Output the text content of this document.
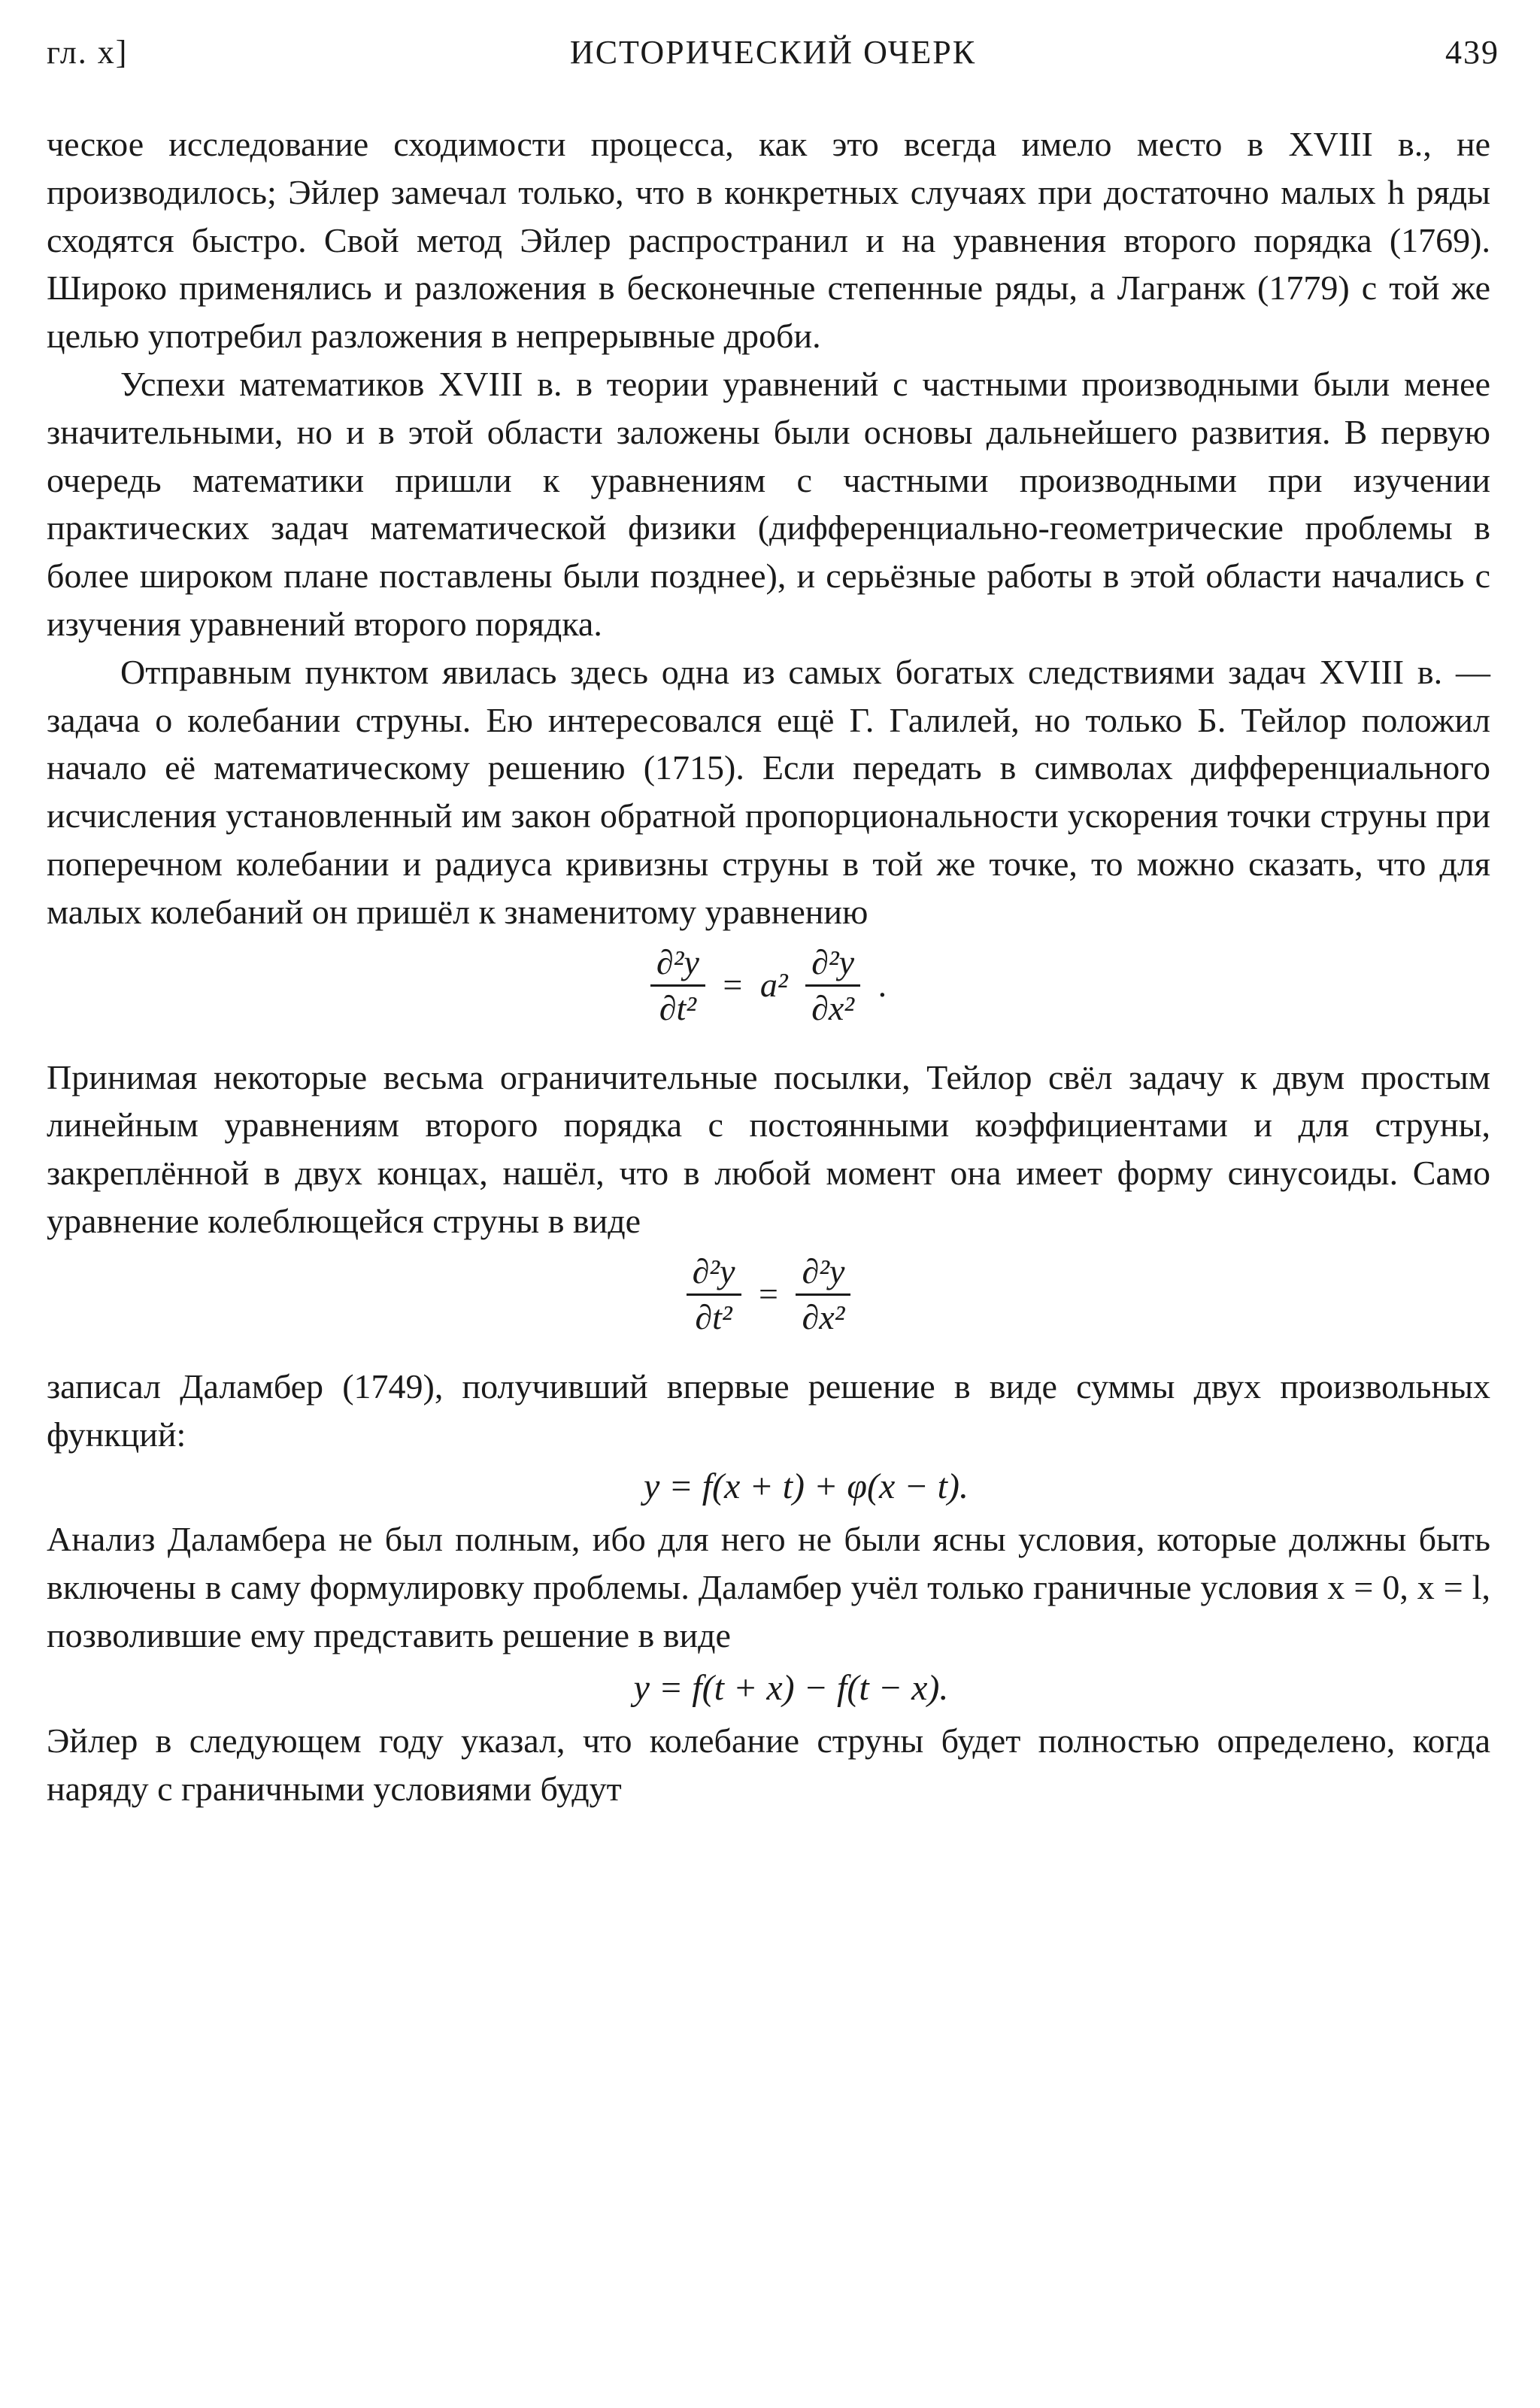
гл. x]	ИСТОРИЧЕСКИЙ ОЧЕРК	439

ческое исследование сходимости процесса, как это всегда имело место в XVIII в., не производилось; Эйлер замечал только, что в конкретных случаях при достаточно малых h ряды сходятся быстро. Свой метод Эйлер распространил и на уравнения второго порядка (1769). Широко применялись и разложения в бесконечные степенные ряды, а Лагранж (1779) с той же целью употребил разложения в непрерывные дроби.

Успехи математиков XVIII в. в теории уравнений с частными производными были менее значительными, но и в этой области заложены были основы дальнейшего развития. В первую очередь математики пришли к уравнениям с частными производными при изучении практических задач математической физики (дифференциально-геометрические проблемы в более широком плане поставлены были позднее), и серьёзные работы в этой области начались с изучения уравнений второго порядка.

Отправным пунктом явилась здесь одна из самых богатых следствиями задач XVIII в. — задача о колебании струны. Ею интересовался ещё Г. Галилей, но только Б. Тейлор положил начало её математическому решению (1715). Если передать в символах дифференциального исчисления установленный им закон обратной пропорциональности ускорения точки струны при поперечном колебании и радиуса кривизны струны в той же точке, то можно сказать, что для малых колебаний он пришёл к знаменитому уравнению

$\frac{\text{∂²y}}{\text{∂t²}} = a^2 \frac{\text{∂²y}}{\text{∂x²}}$ .

Принимая некоторые весьма ограничительные посылки, Тейлор свёл задачу к двум простым линейным уравнениям второго порядка с постоянными коэффициентами и для струны, закреплённой в двух концах, нашёл, что в любой момент она имеет форму синусоиды. Само уравнение колеблющейся струны в виде

$\frac{\text{∂²y}}{\text{∂t²}} = \frac{\text{∂²y}}{\text{∂x²}}$

записал Даламбер (1749), получивший впервые решение в виде суммы двух произвольных функций:

y = f(x + t) + φ(x − t).

Анализ Даламбера не был полным, ибо для него не были ясны условия, которые должны быть включены в саму формулировку проблемы. Даламбер учёл только граничные условия x = 0, x = l, позволившие ему представить решение в виде

y = f(t + x) − f(t − x).

Эйлер в следующем году указал, что колебание струны будет полностью определено, когда наряду с граничными условиями будут
